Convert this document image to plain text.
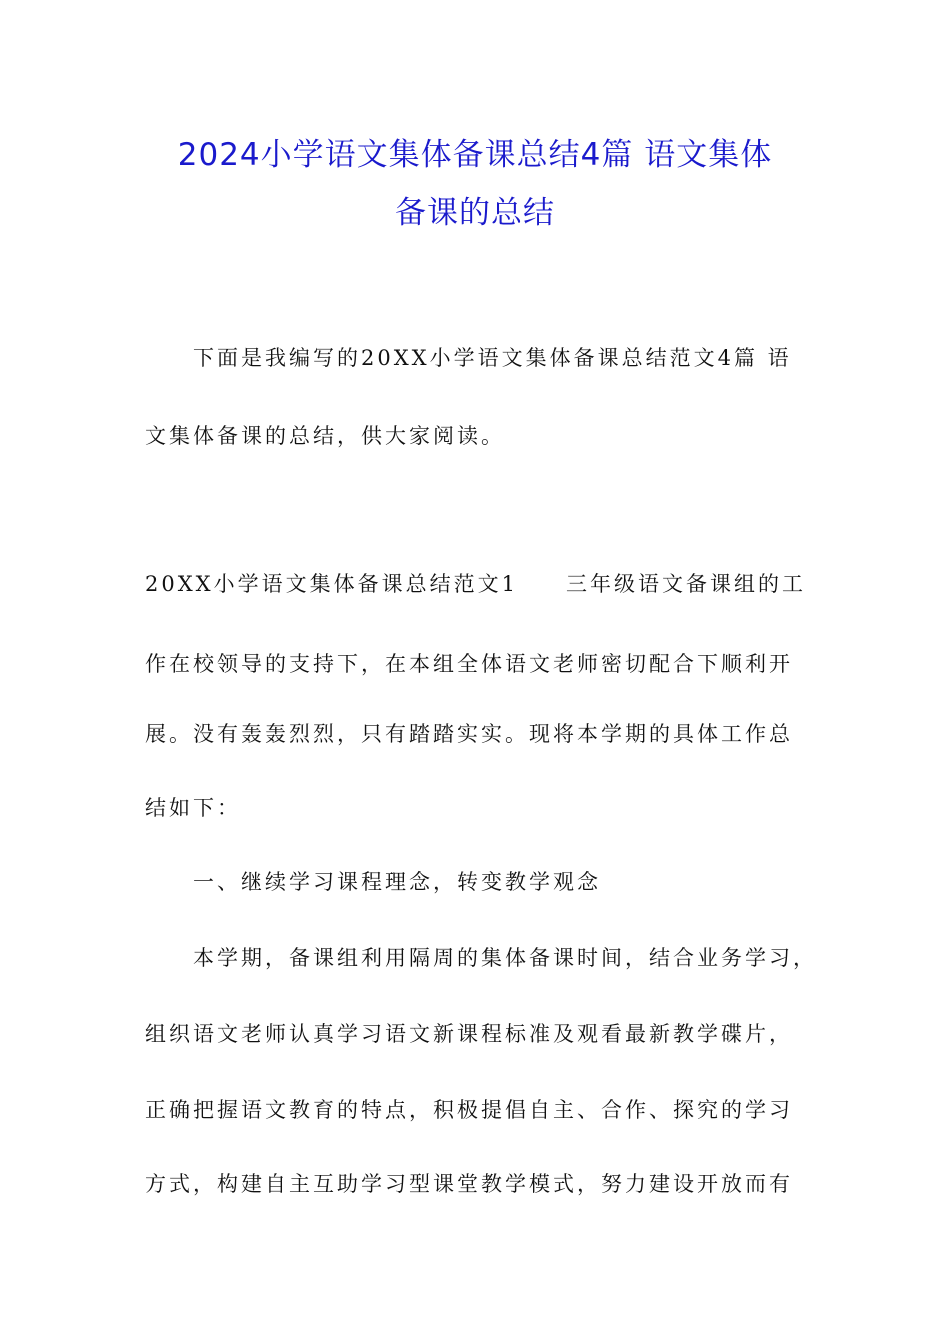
2024小学语文集体备课总结4篇 语文集体
备课的总结
下面是我编写的20XX小学语文集体备课总结范文4篇 语
文集体备课的总结，供大家阅读。
20XX小学语文集体备课总结范文1　　三年级语文备课组的工
作在校领导的支持下，在本组全体语文老师密切配合下顺利开
展。没有轰轰烈烈，只有踏踏实实。现将本学期的具体工作总
结如下：
一、继续学习课程理念，转变教学观念
本学期，备课组利用隔周的集体备课时间，结合业务学习，
组织语文老师认真学习语文新课程标准及观看最新教学碟片，
正确把握语文教育的特点，积极提倡自主、合作、探究的学习
方式，构建自主互助学习型课堂教学模式，努力建设开放而有
